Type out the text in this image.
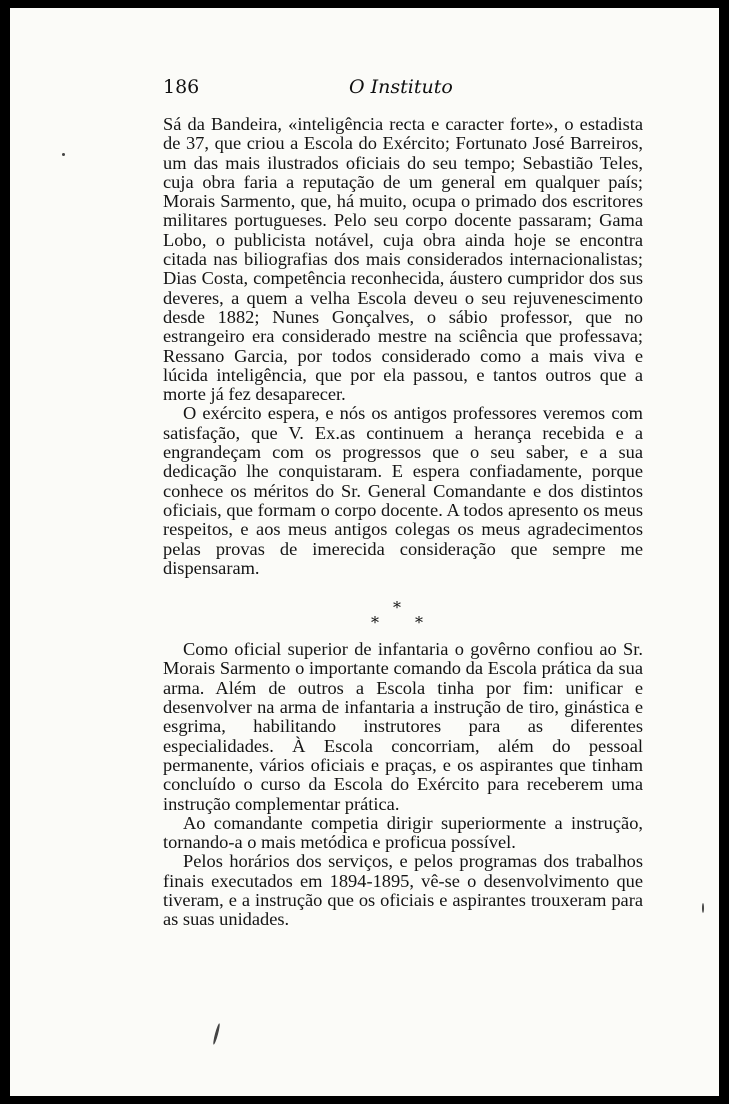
186	O Instituto

Sá da Bandeira, «inteligência recta e caracter forte», o estadista de 37, que criou a Escola do Exército; Fortunato José Barreiros, um das mais ilustrados oficiais do seu tempo; Sebastião Teles, cuja obra faria a reputação de um general em qualquer país; Morais Sarmento, que, há muito, ocupa o primado dos escritores militares portugueses. Pelo seu corpo docente passaram; Gama Lobo, o publicista notável, cuja obra ainda hoje se encontra citada nas biliografias dos mais considerados internacionalistas; Dias Costa, competência reconhecida, áustero cumpridor dos sus deveres, a quem a velha Escola deveu o seu rejuvenescimento desde 1882; Nunes Gonçalves, o sábio professor, que no estrangeiro era considerado mestre na sciência que professava; Ressano Garcia, por todos considerado como a mais viva e lúcida inteligência, que por ela passou, e tantos outros que a morte já fez desaparecer.

O exército espera, e nós os antigos professores veremos com satisfação, que V. Ex.as continuem a herança recebida e a engrandeçam com os progressos que o seu saber, e a sua dedicação lhe conquistaram. E espera confiadamente, porque conhece os méritos do Sr. General Comandante e dos distintos oficiais, que formam o corpo docente. A todos apresento os meus respeitos, e aos meus antigos colegas os meus agradecimentos pelas provas de imerecida consideração que sempre me dispensaram.

*
* *

Como oficial superior de infantaria o govêrno confiou ao Sr. Morais Sarmento o importante comando da Escola prática da sua arma. Além de outros a Escola tinha por fim: unificar e desenvolver na arma de infantaria a instrução de tiro, ginástica e esgrima, habilitando instrutores para as diferentes especialidades. À Escola concorriam, além do pessoal permanente, vários oficiais e praças, e os aspirantes que tinham concluído o curso da Escola do Exército para receberem uma instrução complementar prática.

Ao comandante competia dirigir superiormente a instrução, tornando-a o mais metódica e proficua possível.

Pelos horários dos serviços, e pelos programas dos trabalhos finais executados em 1894-1895, vê-se o desenvolvimento que tiveram, e a instrução que os oficiais e aspirantes trouxeram para as suas unidades.
